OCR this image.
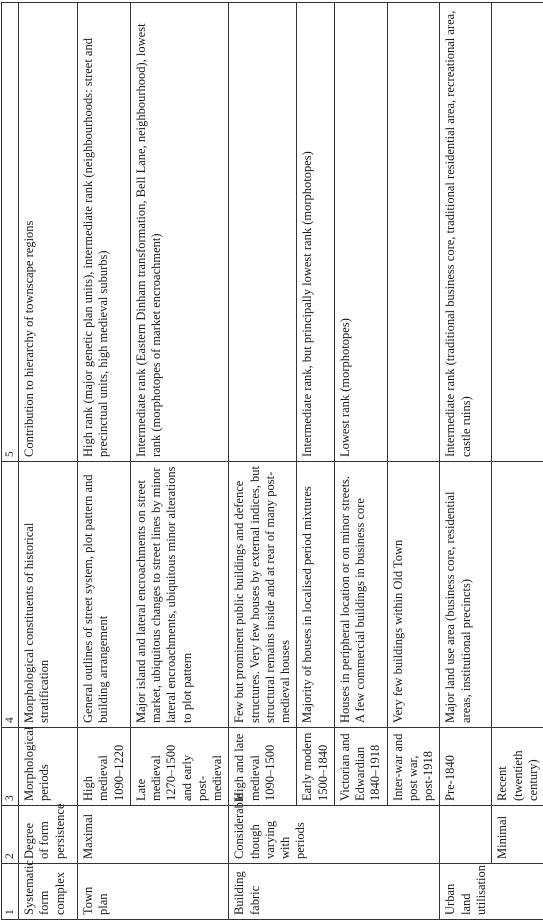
1	2	3	4	5
Systematic form complex	Degree of form persistence	Morphological periods	Morphological constituents of historical stratification	Contribution to hierarchy of townscape regions
Town plan	Maximal	High medieval 1090–1220	General outlines of street system, plot pattern and building arrangement	High rank (major genetic plan units), intermediate rank (neighbourhoods: street and precinctual units, high medieval suburbs)
		Late medieval 1270–1500 and early post-medieval	Major island and lateral encroachments on street market, ubiquitous changes to street lines by minor lateral encroachments, ubiquitous minor alterations to plot pattern	Intermediate rank (Eastern Dinham transformation, Bell Lane, neighbourhood), lowest rank (morphotopes of market encroachment)
Building fabric	Considerable though varying with periods	High and late medieval 1090–1500	Few but prominent public buildings and defence structures. Very few houses by external indices, but structural remains inside and at rear of many post-medieval houses	
		Early modern 1500–1840	Majority of houses in localised period mixtures	Intermediate rank, but principally lowest rank (morphotopes)
		Victorian and Edwardian 1840–1918	Houses in peripheral location or on minor streets. A few commercial buildings in business core	Lowest rank (morphotopes)
		Inter-war and post war, post-1918	Very few buildings within Old Town	
Urban land utilisation		Pre-1840	Major land use area (business core, residential areas, institutional precincts)	Intermediate rank (traditional business core, traditional residential area, recreational area, castle ruins)
	Minimal	Recent (twentieth century)		
